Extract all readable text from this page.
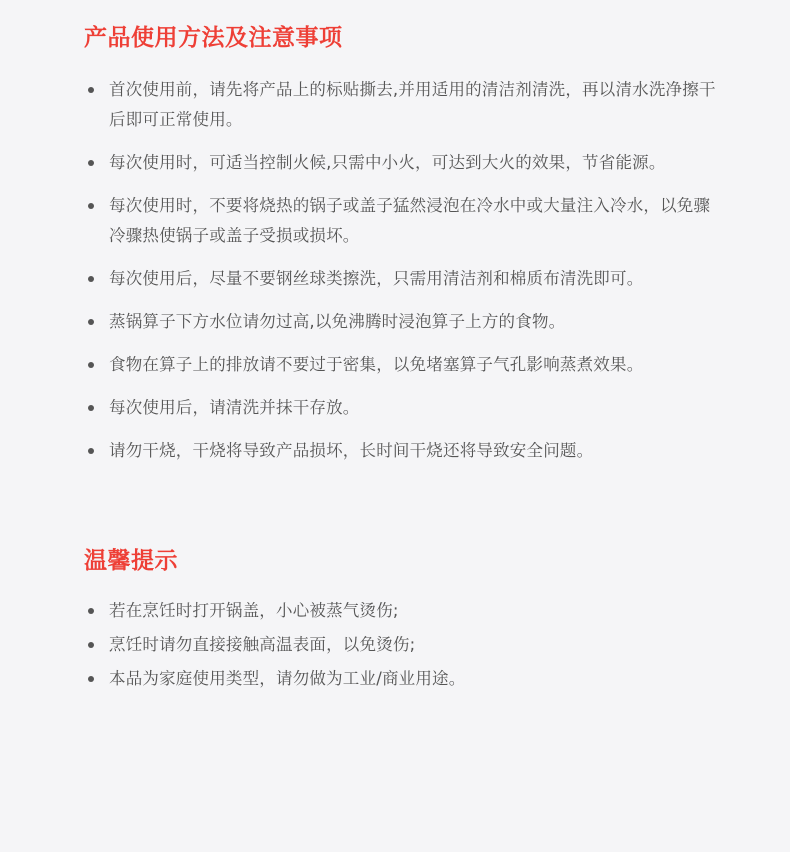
产品使用方法及注意事项
首次使用前，请先将产品上的标贴撕去,并用适用的清洁剂清洗，再以清水洗净擦干后即可正常使用。
每次使用时，可适当控制火候,只需中小火，可达到大火的效果，节省能源。
每次使用时，不要将烧热的锅子或盖子猛然浸泡在冷水中或大量注入冷水，以免骤冷骤热使锅子或盖子受损或损坏。
每次使用后，尽量不要钢丝球类擦洗，只需用清洁剂和棉质布清洗即可。
蒸锅算子下方水位请勿过高,以免沸腾时浸泡算子上方的食物。
食物在算子上的排放请不要过于密集，以免堵塞算子气孔影响蒸煮效果。
每次使用后，请清洗并抹干存放。
请勿干烧，干烧将导致产品损坏，长时间干烧还将导致安全问题。
温馨提示
若在烹饪时打开锅盖，小心被蒸气烫伤;
烹饪时请勿直接接触高温表面，以免烫伤;
本品为家庭使用类型，请勿做为工业/商业用途。
